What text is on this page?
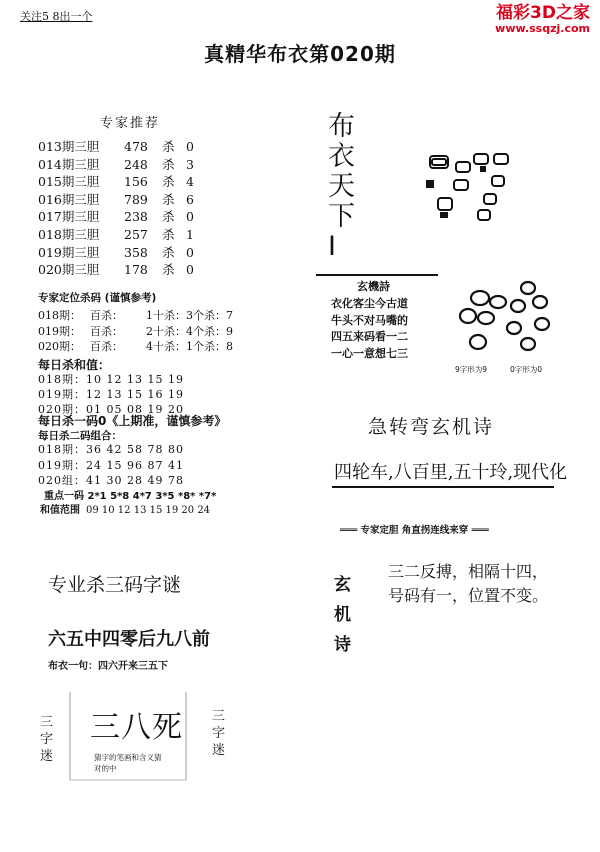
关注5 8出一个	福彩3D之家
www.ssqzj.com
真精华布衣第020期
专家推荐
013期三胆 478 杀 0
014期三胆 248 杀 3
015期三胆 156 杀 4
016期三胆 789 杀 6
017期三胆 238 杀 0
018期三胆 257 杀 1
019期三胆 358 杀 0
020期三胆 178 杀 0
专家定位杀码 (谨慎参考)
018期： 百杀： 1十杀：3个杀：7
019期： 百杀： 2十杀：4个杀：9
020期： 百杀： 4十杀：1个杀：8
每日杀和值：
018期：10 12 13 15 19
019期：12 13 15 16 19
020期：01 05 08 19 20
每日杀一码0《上期准，谨慎参考》
每日杀二码组合：
018期：36 42 58 78 80
019期：24 15 96 87 41
020组：41 30 28 49 78
重点一码 2*1 5*8 4*7 3*5 *8* *7*
和值范围 09 10 12 13 15 19 20 24
专业杀三码字谜
六五中四零后九八前
布衣一句：四六开来三五下
三
字
迷
三
字
迷
三八死
猜字的笔画和含义猜
对的中
布
衣
天
下
I
玄機詩
衣化客尘今古道
牛头不对马嘴的
四五来码看一二
一心一意想七三
9字形为9	0字形为0
急转弯玄机诗
四轮车,八百里,五十玲,现代化
═══ 专家定胆 角直拐连线来穿 ═══
玄
机
诗
三二反搏，相隔十四，
号码有一，位置不变。
